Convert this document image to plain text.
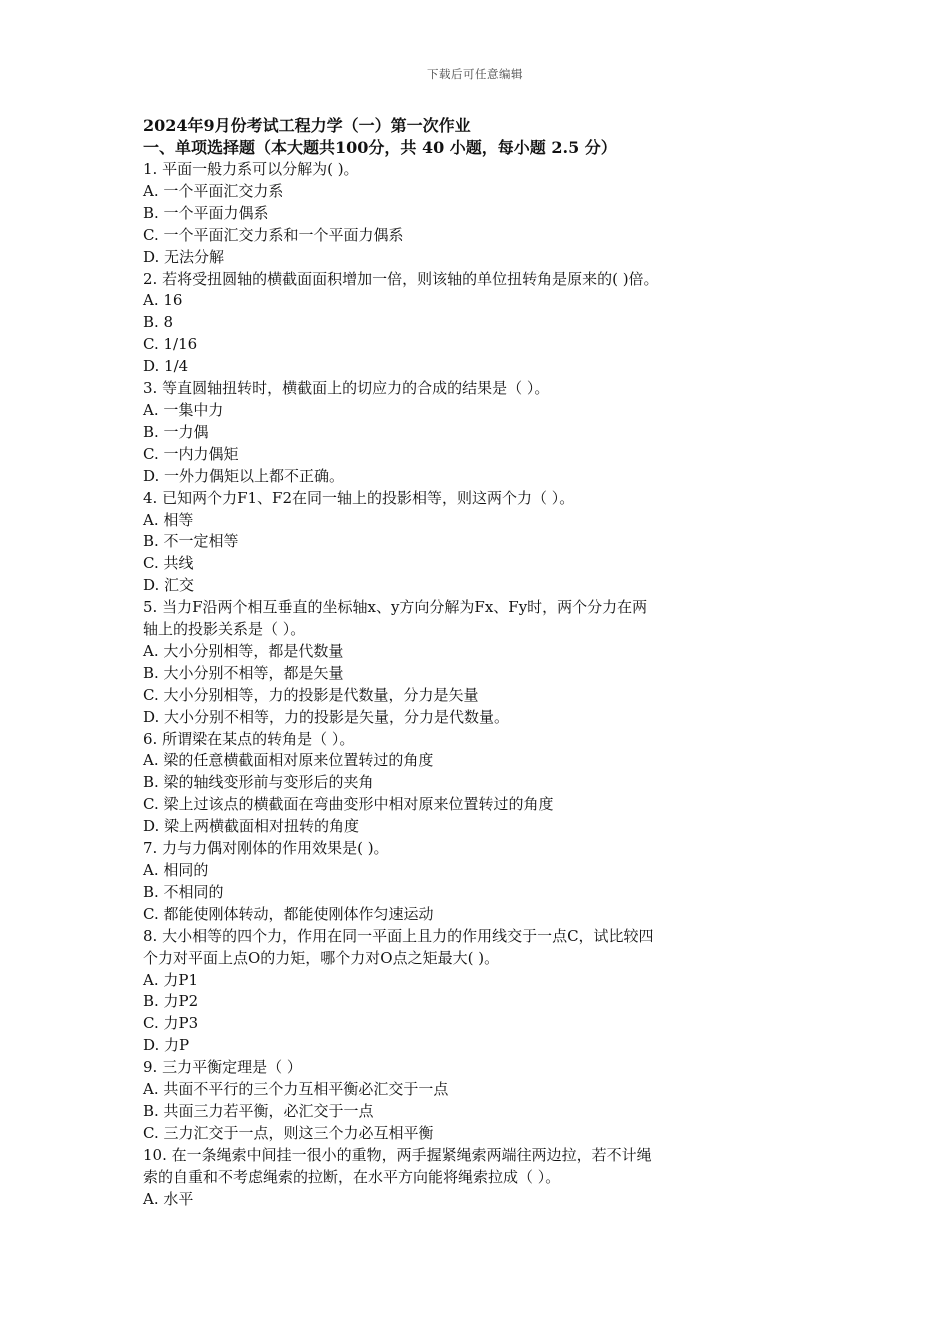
下载后可任意编辑
2024年9月份考试工程力学（一）第一次作业
一、单项选择题（本大题共100分，共 40 小题，每小题 2.5 分）
1. 平面一般力系可以分解为( )。
A. 一个平面汇交力系
B. 一个平面力偶系
C. 一个平面汇交力系和一个平面力偶系
D. 无法分解
2. 若将受扭圆轴的横截面面积增加一倍，则该轴的单位扭转角是原来的( )倍。
A. 16
B. 8
C. 1/16
D. 1/4
3. 等直圆轴扭转时，横截面上的切应力的合成的结果是（ ）。
A. 一集中力
B. 一力偶
C. 一内力偶矩
D. 一外力偶矩以上都不正确。
4. 已知两个力F1、F2在同一轴上的投影相等，则这两个力（ ）。
A. 相等
B. 不一定相等
C. 共线
D. 汇交
5. 当力F沿两个相互垂直的坐标轴x、y方向分解为Fx、Fy时，两个分力在两
轴上的投影关系是（ ）。
A. 大小分别相等，都是代数量
B. 大小分别不相等，都是矢量
C. 大小分别相等，力的投影是代数量，分力是矢量
D. 大小分别不相等，力的投影是矢量，分力是代数量。
6. 所谓梁在某点的转角是（ ）。
A. 梁的任意横截面相对原来位置转过的角度
B. 梁的轴线变形前与变形后的夹角
C. 梁上过该点的横截面在弯曲变形中相对原来位置转过的角度
D. 梁上两横截面相对扭转的角度
7. 力与力偶对刚体的作用效果是( )。
A. 相同的
B. 不相同的
C. 都能使刚体转动，都能使刚体作匀速运动
8. 大小相等的四个力，作用在同一平面上且力的作用线交于一点C，试比较四
个力对平面上点O的力矩，哪个力对O点之矩最大( )。
A. 力P1
B. 力P2
C. 力P3
D. 力P
9. 三力平衡定理是（ ）
A. 共面不平行的三个力互相平衡必汇交于一点
B. 共面三力若平衡，必汇交于一点
C. 三力汇交于一点，则这三个力必互相平衡
10. 在一条绳索中间挂一很小的重物，两手握紧绳索两端往两边拉，若不计绳
索的自重和不考虑绳索的拉断，在水平方向能将绳索拉成（ ）。
A. 水平
